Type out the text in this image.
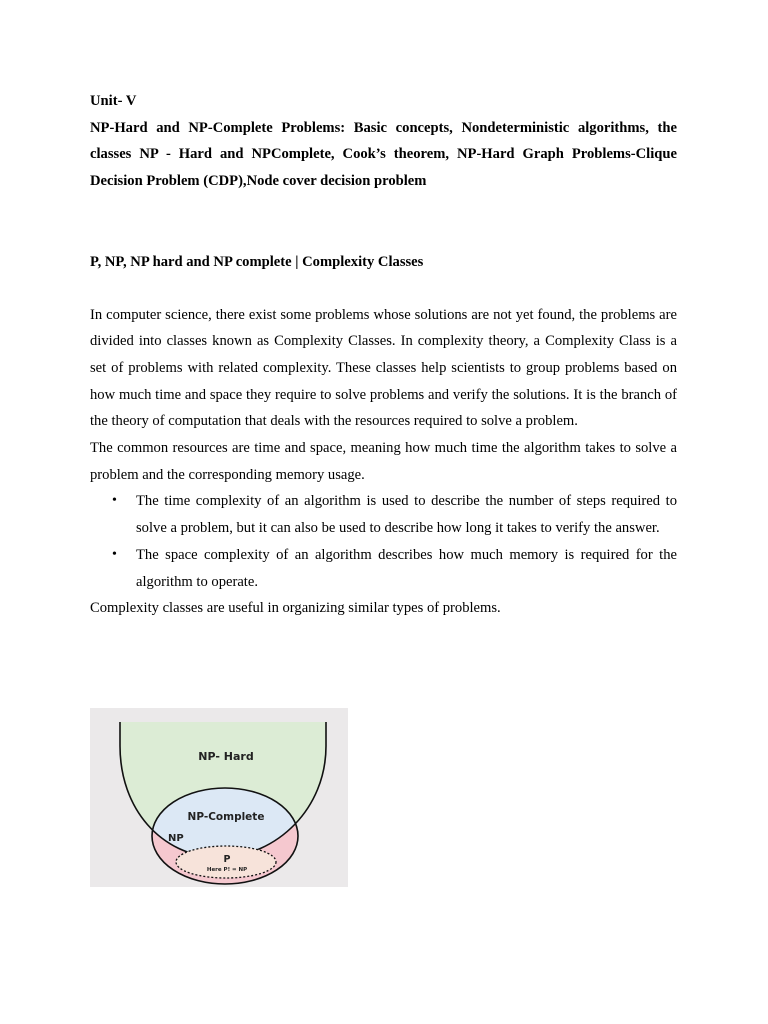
Unit- V

NP-Hard and NP-Complete Problems: Basic concepts, Nondeterministic algorithms, the classes NP - Hard and NPComplete, Cook’s theorem, NP-Hard Graph Problems-Clique Decision Problem (CDP),Node cover decision problem

P, NP, NP hard and NP complete | Complexity Classes

In computer science, there exist some problems whose solutions are not yet found, the problems are divided into classes known as Complexity Classes. In complexity theory, a Complexity Class is a set of problems with related complexity. These classes help scientists to group problems based on how much time and space they require to solve problems and verify the solutions. It is the branch of the theory of computation that deals with the resources required to solve a problem.

The common resources are time and space, meaning how much time the algorithm takes to solve a problem and the corresponding memory usage.

• The time complexity of an algorithm is used to describe the number of steps required to solve a problem, but it can also be used to describe how long it takes to verify the answer.
• The space complexity of an algorithm describes how much memory is required for the algorithm to operate.

Complexity classes are useful in organizing similar types of problems.

NP- Hard
NP-Complete
NP
P
Here P! = NP
